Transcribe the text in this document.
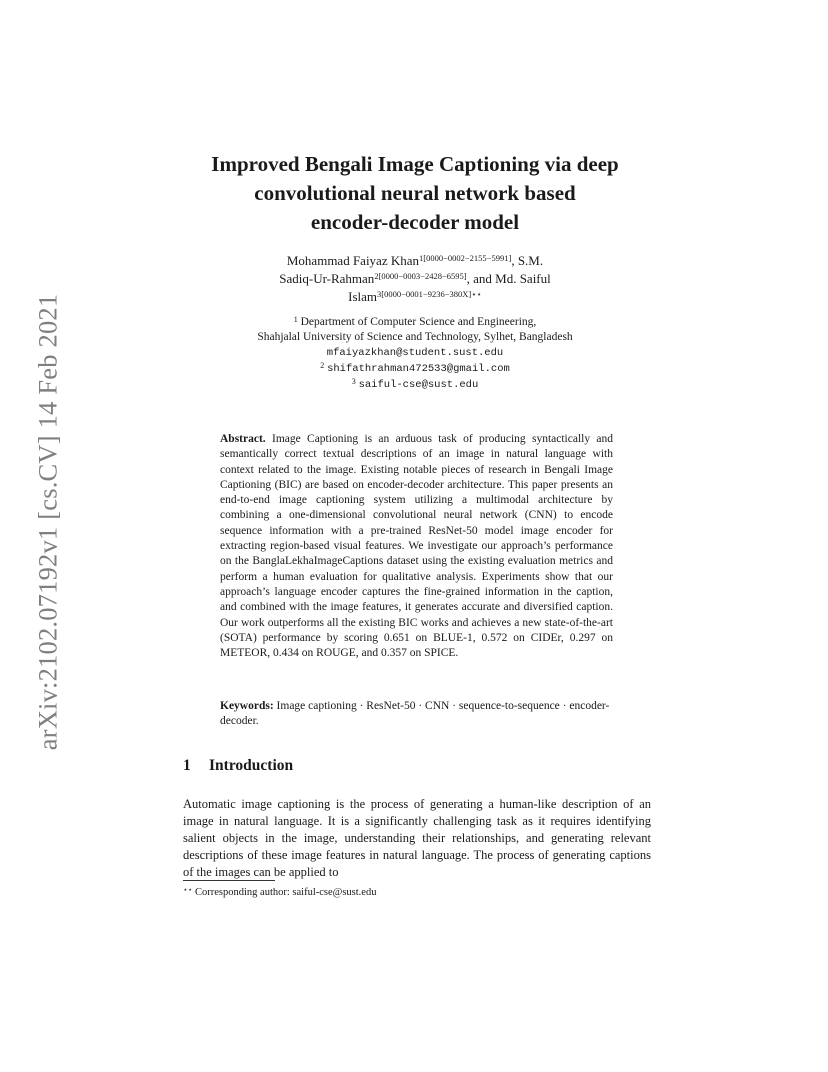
arXiv:2102.07192v1 [cs.CV] 14 Feb 2021
Improved Bengali Image Captioning via deep
convolutional neural network based
encoder-decoder model
Mohammad Faiyaz Khan$^{1[0000-0002-2155-5991]}$, S.M.
Sadiq-Ur-Rahman$^{2[0000-0003-2428-6595]}$, and Md. Saiful
Islam$^{3[0000-0001-9236-380X]⋆⋆}$
$^1$ Department of Computer Science and Engineering,
Shahjalal University of Science and Technology, Sylhet, Bangladesh
mfaiyazkhan@student.sust.edu
$^2$ shifathrahman472533@gmail.com
$^3$ saiful-cse@sust.edu

Abstract. Image Captioning is an arduous task of producing syntactically and semantically correct textual descriptions of an image in natural language with context related to the image. Existing notable pieces of research in Bengali Image Captioning (BIC) are based on encoder-decoder architecture. This paper presents an end-to-end image captioning system utilizing a multimodal architecture by combining a one-dimensional convolutional neural network (CNN) to encode sequence information with a pre-trained ResNet-50 model image encoder for extracting region-based visual features. We investigate our approach’s performance on the BanglaLekhaImageCaptions dataset using the existing evaluation metrics and perform a human evaluation for qualitative analysis. Experiments show that our approach’s language encoder captures the fine-grained information in the caption, and combined with the image features, it generates accurate and diversified caption. Our work outperforms all the existing BIC works and achieves a new state-of-the-art (SOTA) performance by scoring 0.651 on BLUE-1, 0.572 on CIDEr, 0.297 on METEOR, 0.434 on ROUGE, and 0.357 on SPICE.

Keywords: Image captioning · ResNet-50 · CNN · sequence-to-sequence · encoder-decoder.

1 Introduction

Automatic image captioning is the process of generating a human-like description of an image in natural language. It is a significantly challenging task as it requires identifying salient objects in the image, understanding their relationships, and generating relevant descriptions of these image features in natural language. The process of generating captions of the images can be applied to

⋆⋆ Corresponding author: saiful-cse@sust.edu
